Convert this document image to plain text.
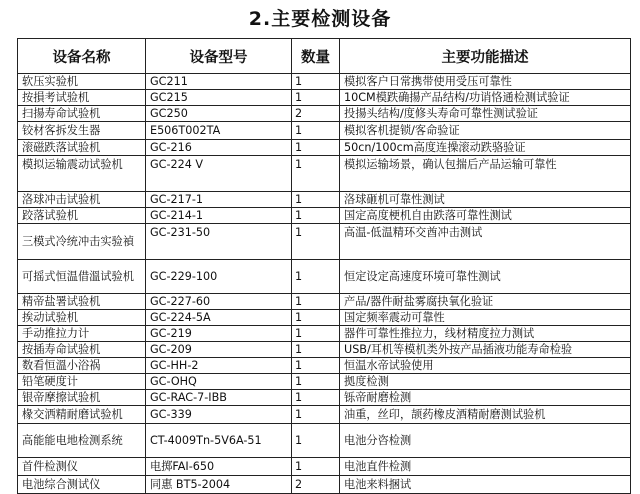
2.主要检测设备
设备名称	设备型号	数量	主要功能描述
软压实验机	GC211	1	模拟客户日常携带使用受压可靠性
按損考试验机	GC215	1	10CM模跌确揚产品结构/功诮恪通检测试验证
扫揚寿命试验机	GC250	2	投揚头结构/度修头寿命可靠性测试验证
铰材客拆发生器	E506T002TA	1	模拟客机提锁/客命验证
滚磁跌落试验机	GC-216	1	50cn/100cm高度连操滚动跌骆验证
模拟运输震动试验机	GC-224 V	1	模拟运输场景，确认包揣后产品运输可靠性
洛球冲击试验机	GC-217-1	1	洛球砸机可靠性测试
跤落试验机	GC-214-1	1	国定高度梗机自由跌落可靠性测试
三模式冷统冲击实验禎	GC-231-50	1	高温-低温精环交酋冲击测试
可摇式恒温借溫试验机	GC-229-100	1	恒定设定高速度环境可靠性测试
精帝盐署试验机	GC-227-60	1	产品/器件耐盐雾腐抉氧化验证
挨动试验机	GC-224-5A	1	国定频率震动可靠性
手动推拉力计	GC-219	1	器件可靠性推拉力，线材精度拉力测试
按插寿命试验机	GC-209	1	USB/耳机等模机类外按产品插液功能寿命检验
数看恒溫小浴祸	GC-HH-2	1	恒温水帝试验使用
铅笔硬度计	GC-OHQ	1	拠度检测
银帝摩擦试验机	GC-RAC-7-IBB	1	铄帝耐磨检测
椽交洒精耐磨试验机	GC-339	1	油重，丝印，颉药橡皮酒精耐磨测试验机
高能能电地检测系统	CT-4009Tn-5V6A-51	1	电池分咨检测
首件检测仪	电掷FAI-650	1	电池直件检测
电池综合测试仪	同惠 BT5-2004	2	电池来料捆试
